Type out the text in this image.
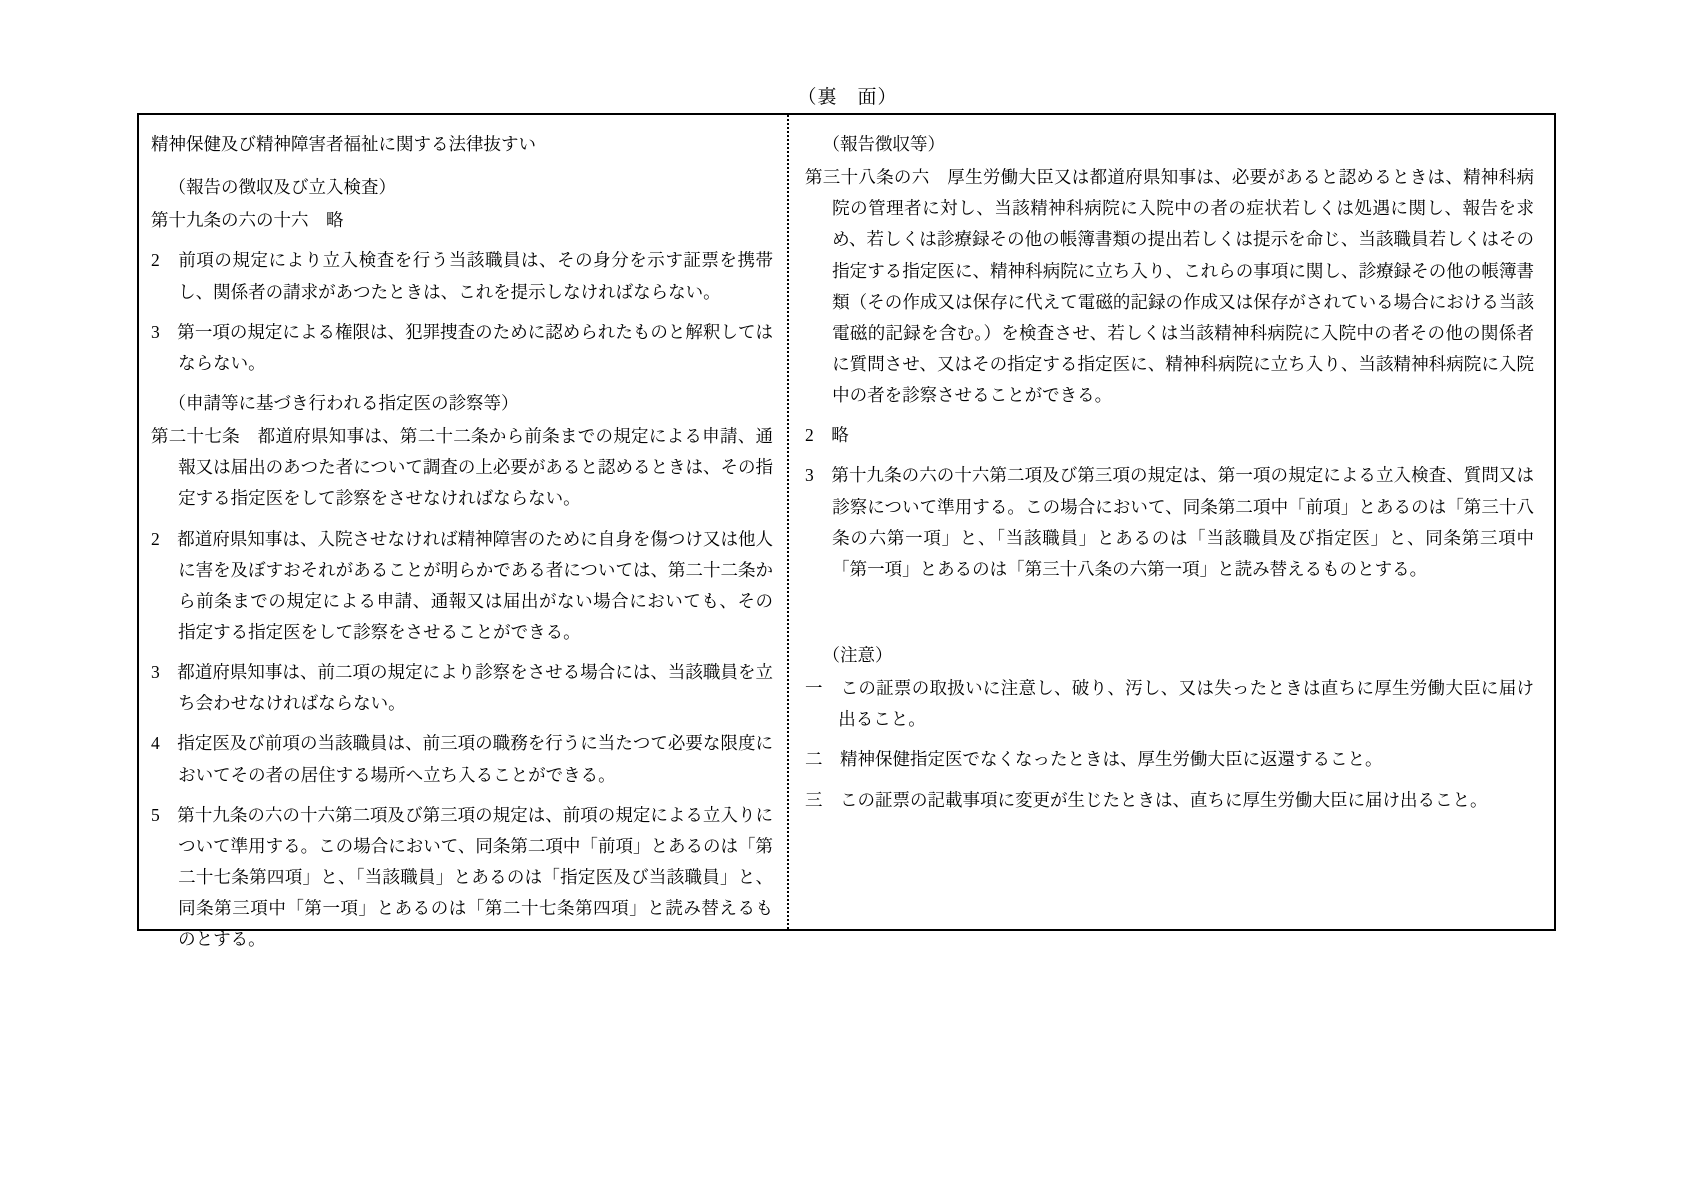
（裏　面）
精神保健及び精神障害者福祉に関する法律抜すい
（報告の徴収及び立入検査）
第十九条の六の十六　略
2　前項の規定により立入検査を行う当該職員は、その身分を示す証票を携帯し、関係者の請求があつたときは、これを提示しなければならない。
3　第一項の規定による権限は、犯罪捜査のために認められたものと解釈してはならない。
（申請等に基づき行われる指定医の診察等）
第二十七条　都道府県知事は、第二十二条から前条までの規定による申請、通報又は届出のあつた者について調査の上必要があると認めるときは、その指定する指定医をして診察をさせなければならない。
2　都道府県知事は、入院させなければ精神障害のために自身を傷つけ又は他人に害を及ぼすおそれがあることが明らかである者については、第二十二条から前条までの規定による申請、通報又は届出がない場合においても、その指定する指定医をして診察をさせることができる。
3　都道府県知事は、前二項の規定により診察をさせる場合には、当該職員を立ち会わせなければならない。
4　指定医及び前項の当該職員は、前三項の職務を行うに当たつて必要な限度においてその者の居住する場所へ立ち入ることができる。
5　第十九条の六の十六第二項及び第三項の規定は、前項の規定による立入りについて準用する。この場合において、同条第二項中「前項」とあるのは「第二十七条第四項」と、「当該職員」とあるのは「指定医及び当該職員」と、同条第三項中「第一項」とあるのは「第二十七条第四項」と読み替えるものとする。
（報告徴収等）
第三十八条の六　厚生労働大臣又は都道府県知事は、必要があると認めるときは、精神科病院の管理者に対し、当該精神科病院に入院中の者の症状若しくは処遇に関し、報告を求め、若しくは診療録その他の帳簿書類の提出若しくは提示を命じ、当該職員若しくはその指定する指定医に、精神科病院に立ち入り、これらの事項に関し、診療録その他の帳簿書類（その作成又は保存に代えて電磁的記録の作成又は保存がされている場合における当該電磁的記録を含む。）を検査させ、若しくは当該精神科病院に入院中の者その他の関係者に質問させ、又はその指定する指定医に、精神科病院に立ち入り、当該精神科病院に入院中の者を診察させることができる。
2　略
3　第十九条の六の十六第二項及び第三項の規定は、第一項の規定による立入検査、質問又は診察について準用する。この場合において、同条第二項中「前項」とあるのは「第三十八条の六第一項」と、「当該職員」とあるのは「当該職員及び指定医」と、同条第三項中「第一項」とあるのは「第三十八条の六第一項」と読み替えるものとする。
（注意）
一　この証票の取扱いに注意し、破り、汚し、又は失ったときは直ちに厚生労働大臣に届け出ること。
二　精神保健指定医でなくなったときは、厚生労働大臣に返還すること。
三　この証票の記載事項に変更が生じたときは、直ちに厚生労働大臣に届け出ること。
